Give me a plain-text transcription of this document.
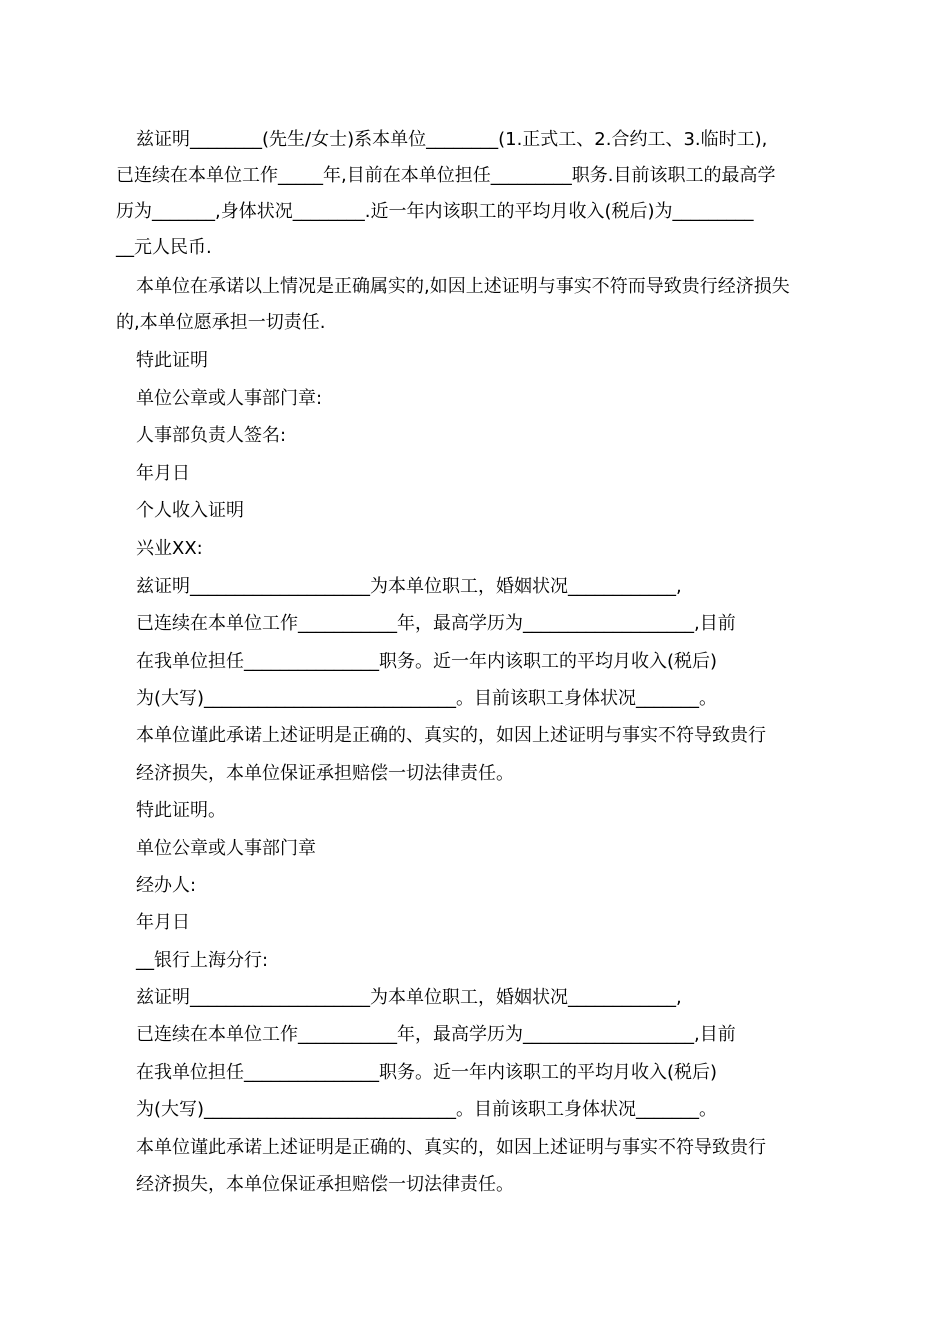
兹证明________(先生/女士)系本单位________(1.正式工、2.合约工、3.临时工),
已连续在本单位工作_____年,目前在本单位担任_________职务.目前该职工的最高学
历为_______,身体状况________.近一年内该职工的平均月收入(税后)为_________
__元人民币.
本单位在承诺以上情况是正确属实的,如因上述证明与事实不符而导致贵行经济损失
的,本单位愿承担一切责任.
特此证明
单位公章或人事部门章:
人事部负责人签名:
年月日
个人收入证明
兴业XX:
兹证明____________________为本单位职工，婚姻状况____________,
已连续在本单位工作___________年，最高学历为___________________,目前
在我单位担任_______________职务。近一年内该职工的平均月收入(税后)
为(大写)____________________________。目前该职工身体状况_______。
本单位谨此承诺上述证明是正确的、真实的，如因上述证明与事实不符导致贵行
经济损失，本单位保证承担赔偿一切法律责任。
特此证明。
单位公章或人事部门章
经办人:
年月日
__银行上海分行:
兹证明____________________为本单位职工，婚姻状况____________,
已连续在本单位工作___________年，最高学历为___________________,目前
在我单位担任_______________职务。近一年内该职工的平均月收入(税后)
为(大写)____________________________。目前该职工身体状况_______。
本单位谨此承诺上述证明是正确的、真实的，如因上述证明与事实不符导致贵行
经济损失，本单位保证承担赔偿一切法律责任。
